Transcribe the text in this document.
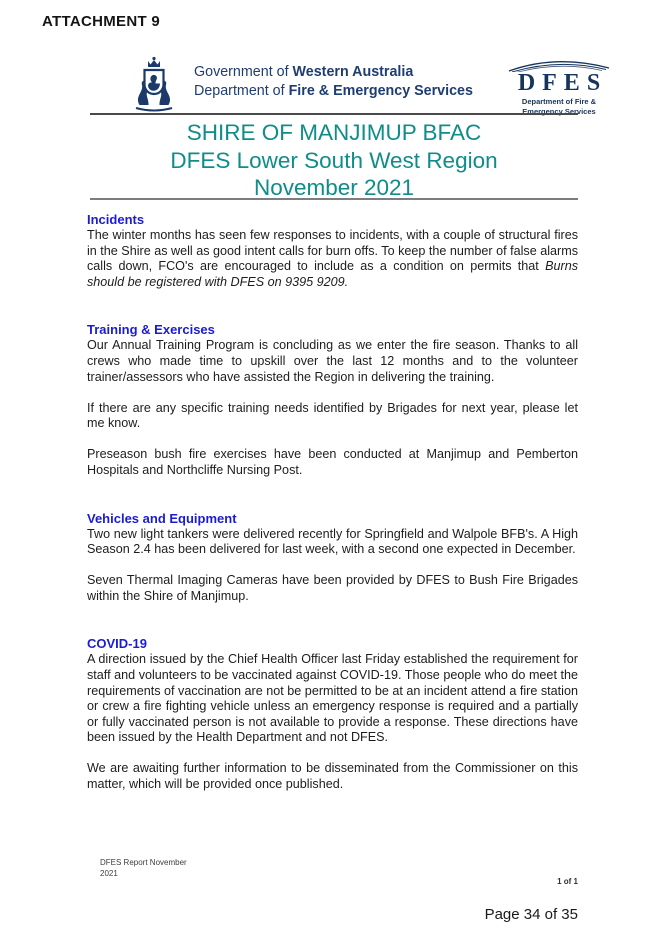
ATTACHMENT 9
Government of Western Australia
Department of Fire & Emergency Services	DFES
Department of Fire &
Emergency Services
SHIRE OF MANJIMUP BFAC
DFES Lower South West Region
November 2021
Incidents

The winter months has seen few responses to incidents, with a couple of structural fires in the Shire as well as good intent calls for burn offs. To keep the number of false alarms calls down, FCO's are encouraged to include as a condition on permits that Burns should be registered with DFES on 9395 9209.

Training & Exercises

Our Annual Training Program is concluding as we enter the fire season. Thanks to all crews who made time to upskill over the last 12 months and to the volunteer trainer/assessors who have assisted the Region in delivering the training.

If there are any specific training needs identified by Brigades for next year, please let me know.

Preseason bush fire exercises have been conducted at Manjimup and Pemberton Hospitals and Northcliffe Nursing Post.

Vehicles and Equipment

Two new light tankers were delivered recently for Springfield and Walpole BFB's. A High Season 2.4 has been delivered for last week, with a second one expected in December.

Seven Thermal Imaging Cameras have been provided by DFES to Bush Fire Brigades within the Shire of Manjimup.

COVID-19

A direction issued by the Chief Health Officer last Friday established the requirement for staff and volunteers to be vaccinated against COVID-19. Those people who do meet the requirements of vaccination are not be permitted to be at an incident attend a fire station or crew a fire fighting vehicle unless an emergency response is required and a partially or fully vaccinated person is not available to provide a response. These directions have been issued by the Health Department and not DFES.

We are awaiting further information to be disseminated from the Commissioner on this matter, which will be provided once published.

DFES Report November
2021
1 of 1
Page 34 of 35
